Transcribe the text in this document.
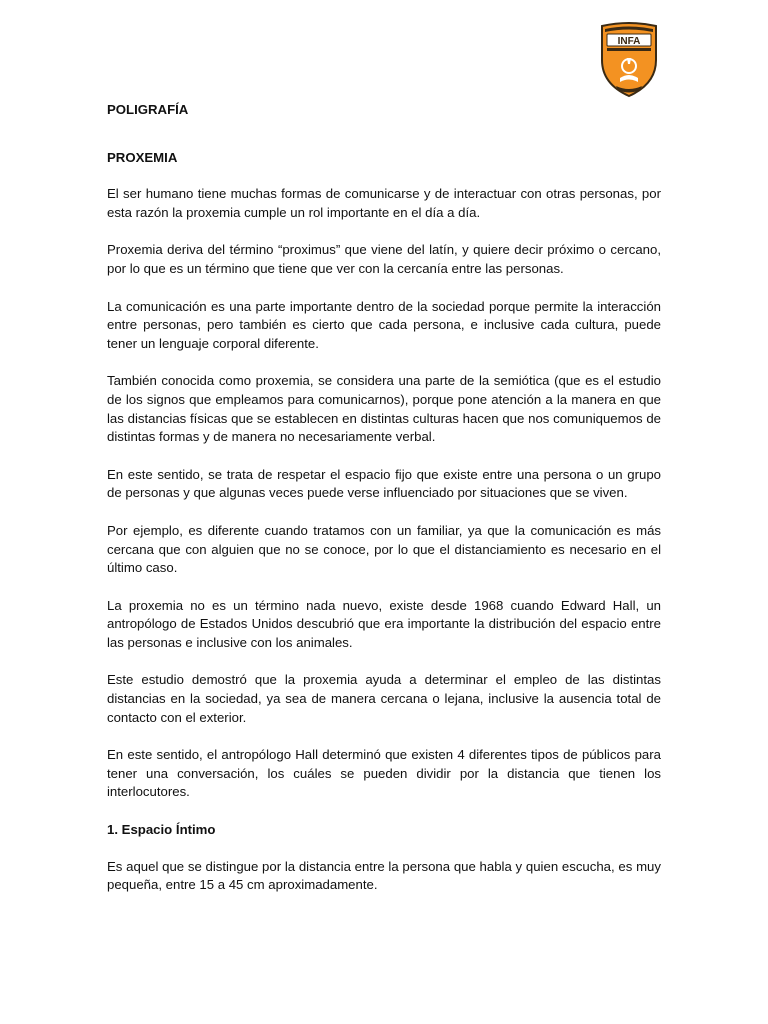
INFA

POLIGRAFÍA

PROXEMIA

El ser humano tiene muchas formas de comunicarse y de interactuar con otras personas, por esta razón la proxemia cumple un rol importante en el día a día.

Proxemia deriva del término “proximus” que viene del latín, y quiere decir próximo o cercano, por lo que es un término que tiene que ver con la cercanía entre las personas.

La comunicación es una parte importante dentro de la sociedad porque permite la interacción entre personas, pero también es cierto que cada persona, e inclusive cada cultura, puede tener un lenguaje corporal diferente.

También conocida como proxemia, se considera una parte de la semiótica (que es el estudio de los signos que empleamos para comunicarnos), porque pone atención a la manera en que las distancias físicas que se establecen en distintas culturas hacen que nos comuniquemos de distintas formas y de manera no necesariamente verbal.

En este sentido, se trata de respetar el espacio fijo que existe entre una persona o un grupo de personas y que algunas veces puede verse influenciado por situaciones que se viven.

Por ejemplo, es diferente cuando tratamos con un familiar, ya que la comunicación es más cercana que con alguien que no se conoce, por lo que el distanciamiento es necesario en el último caso.

La proxemia no es un término nada nuevo, existe desde 1968 cuando Edward Hall, un antropólogo de Estados Unidos descubrió que era importante la distribución del espacio entre las personas e inclusive con los animales.

Este estudio demostró que la proxemia ayuda a determinar el empleo de las distintas distancias en la sociedad, ya sea de manera cercana o lejana, inclusive la ausencia total de contacto con el exterior.

En este sentido, el antropólogo Hall determinó que existen 4 diferentes tipos de públicos para tener una conversación, los cuáles se pueden dividir por la distancia que tienen los interlocutores.

1. Espacio Íntimo

Es aquel que se distingue por la distancia entre la persona que habla y quien escucha, es muy pequeña, entre 15 a 45 cm aproximadamente.
